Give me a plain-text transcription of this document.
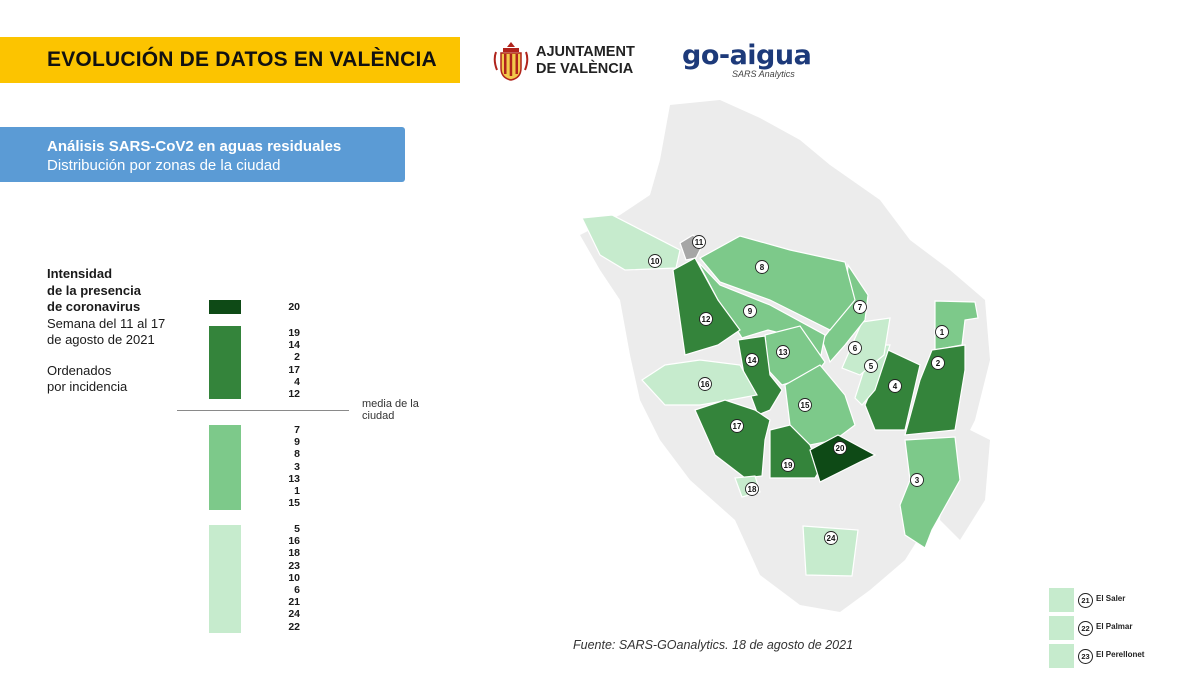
EVOLUCIÓN DE DATOS EN VALÈNCIA	AJUNTAMENT
DE VALÈNCIA go-aigua
SARS Analytics
Análisis SARS-CoV2 en aguas residuales
Distribución por zonas de la ciudad
Intensidad
de la presencia
de coronavirus
Semana del 11 al 17
de agosto de 2021
Ordenados
por incidencia
20
19
14
2
17
4
12
7
9
8
3
13
1
15
5
16
18
23
10
6
21
24
22
media de la
ciudad
1
2
3
4
5
6
7
8
9
10
11
12
13
14
15
16
17
18
19
20
24
21 El Saler
22 El Palmar
23 El Perellonet
Fuente: SARS-GOanalytics. 18 de agosto de 2021
